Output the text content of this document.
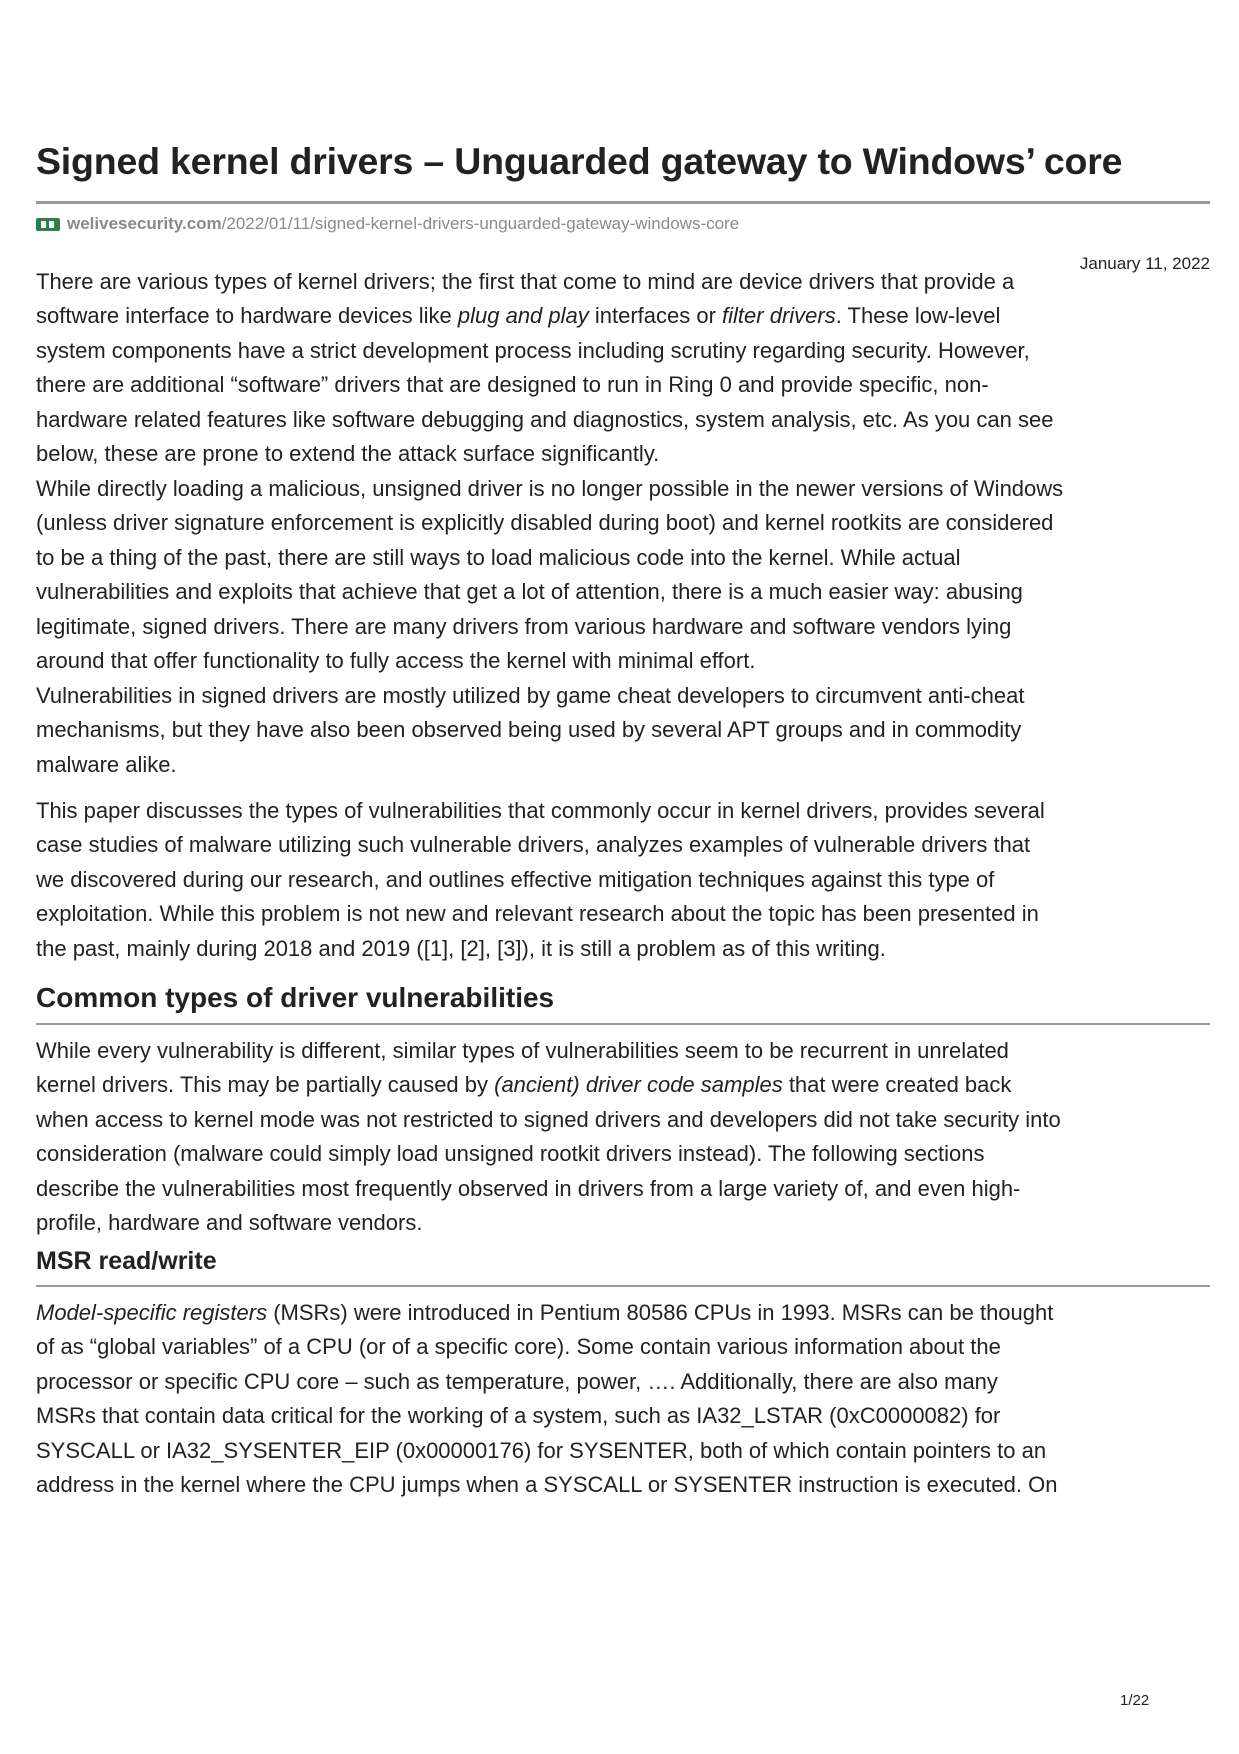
Signed kernel drivers – Unguarded gateway to Windows’ core
welivesecurity.com /2022/01/11/signed-kernel-drivers-unguarded-gateway-windows-core
January 11, 2022
There are various types of kernel drivers; the first that come to mind are device drivers that provide a
software interface to hardware devices like plug and play interfaces or filter drivers. These low-level
system components have a strict development process including scrutiny regarding security. However,
there are additional “software” drivers that are designed to run in Ring 0 and provide specific, non-
hardware related features like software debugging and diagnostics, system analysis, etc. As you can see
below, these are prone to extend the attack surface significantly.
While directly loading a malicious, unsigned driver is no longer possible in the newer versions of Windows
(unless driver signature enforcement is explicitly disabled during boot) and kernel rootkits are considered
to be a thing of the past, there are still ways to load malicious code into the kernel. While actual
vulnerabilities and exploits that achieve that get a lot of attention, there is a much easier way: abusing
legitimate, signed drivers. There are many drivers from various hardware and software vendors lying
around that offer functionality to fully access the kernel with minimal effort.
Vulnerabilities in signed drivers are mostly utilized by game cheat developers to circumvent anti-cheat
mechanisms, but they have also been observed being used by several APT groups and in commodity
malware alike.
This paper discusses the types of vulnerabilities that commonly occur in kernel drivers, provides several
case studies of malware utilizing such vulnerable drivers, analyzes examples of vulnerable drivers that
we discovered during our research, and outlines effective mitigation techniques against this type of
exploitation. While this problem is not new and relevant research about the topic has been presented in
the past, mainly during 2018 and 2019 ([1], [2], [3]), it is still a problem as of this writing.
Common types of driver vulnerabilities
While every vulnerability is different, similar types of vulnerabilities seem to be recurrent in unrelated
kernel drivers. This may be partially caused by (ancient) driver code samples that were created back
when access to kernel mode was not restricted to signed drivers and developers did not take security into
consideration (malware could simply load unsigned rootkit drivers instead). The following sections
describe the vulnerabilities most frequently observed in drivers from a large variety of, and even high-
profile, hardware and software vendors.
MSR read/write
Model-specific registers (MSRs) were introduced in Pentium 80586 CPUs in 1993. MSRs can be thought
of as “global variables” of a CPU (or of a specific core). Some contain various information about the
processor or specific CPU core – such as temperature, power, …. Additionally, there are also many
MSRs that contain data critical for the working of a system, such as IA32_LSTAR (0xC0000082) for
SYSCALL or IA32_SYSENTER_EIP (0x00000176) for SYSENTER, both of which contain pointers to an
address in the kernel where the CPU jumps when a SYSCALL or SYSENTER instruction is executed. On
1/22
